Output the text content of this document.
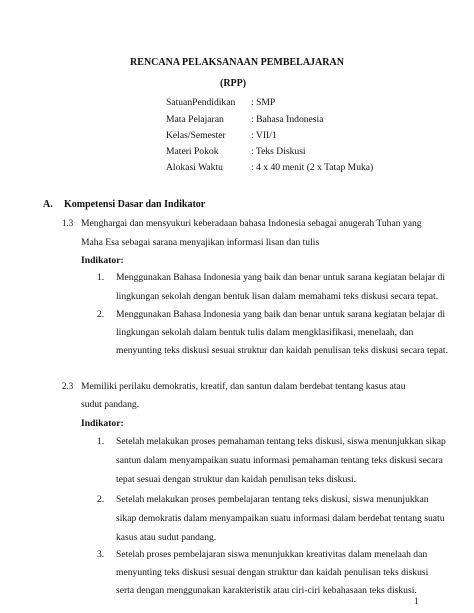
RENCANA PELAKSANAAN PEMBELAJARAN
(RPP)
SatuanPendidikan : SMP
Mata Pelajaran	: Bahasa Indonesia
Kelas/Semester	: VII/1
Materi Pokok	: Teks Diskusi
Alokasi Waktu	: 4 x 40 menit (2 x Tatap Muka)
A. Kompetensi Dasar dan Indikator
1.3 Menghargai dan mensyukuri keberadaan bahasa Indonesia sebagai anugerah Tuhan yang
Maha Esa sebagai sarana menyajikan informasi lisan dan tulis
Indikator:
1. Menggunakan Bahasa Indonesia yang baik dan benar untuk sarana kegiatan belajar di
lingkungan sekolah dengan bentuk lisan dalam memahami teks diskusi secara tepat.
2. Menggunakan Bahasa Indonesia yang baik dan benar untuk sarana kegiatan belajar di
lingkungan sekolah dalam bentuk tulis dalam mengklasifikasi, menelaah, dan
menyunting teks diskusi sesuai struktur dan kaidah penulisan teks diskusi secara tepat.
2.3 Memiliki perilaku demokratis, kreatif, dan santun dalam berdebat tentang kasus atau
sudut pandang.
Indikator:
1. Setelah melakukan proses pemahaman tentang teks diskusi, siswa menunjukkan sikap
santun dalam menyampaikan suatu informasi pemahaman tentang teks diskusi secara
tepat sesuai dengan struktur dan kaidah penulisan teks diskusi.
2. Setelah melakukan proses pembelajaran tentang teks diskusi, siswa menunjukkan
sikap demokratis dalam menyampaikan suatu informasi dalam berdebat tentang suatu
kasus atau sudut pandang.
3. Setelah proses pembelajaran siswa menunjukkan kreativitas dalam menelaah dan
menyunting teks diskusi sesuai dengan struktur dan kaidah penulisan teks diskusi
serta dengan menggunakan karakteristik atau ciri-ciri kebahasaan teks diskusi.
1
